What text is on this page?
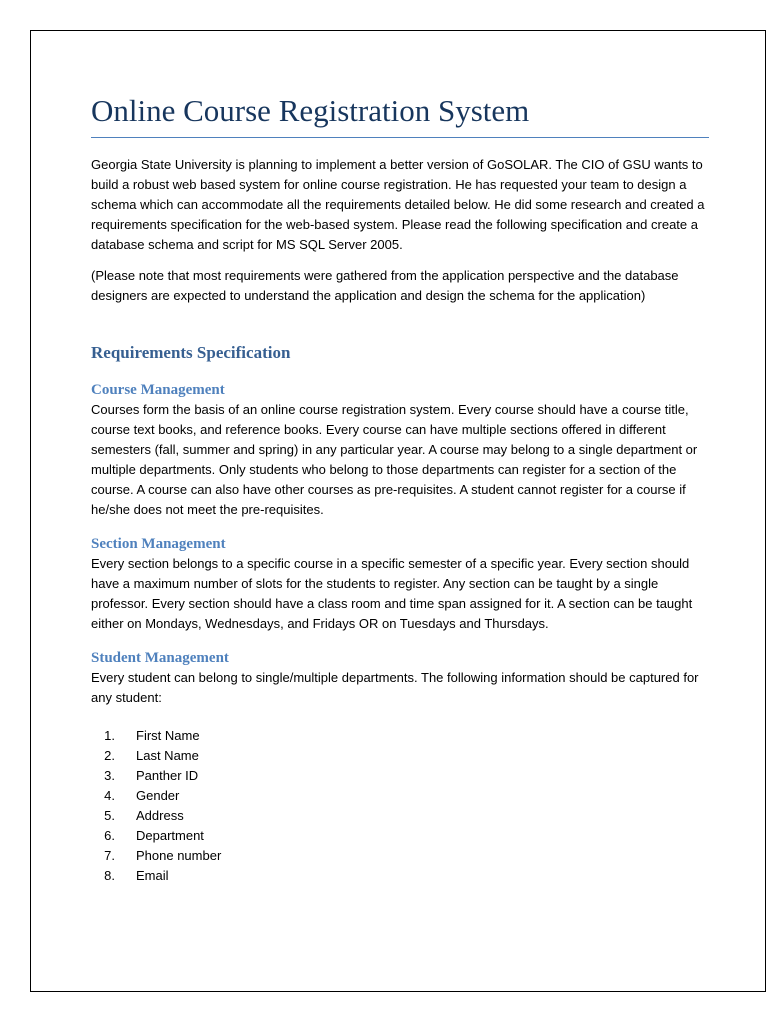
Online Course Registration System

Georgia State University is planning to implement a better version of GoSOLAR. The CIO of GSU wants to build a robust web based system for online course registration. He has requested your team to design a schema which can accommodate all the requirements detailed below. He did some research and created a requirements specification for the web-based system. Please read the following specification and create a database schema and script for MS SQL Server 2005.

(Please note that most requirements were gathered from the application perspective and the database designers are expected to understand the application and design the schema for the application)

Requirements Specification
Course Management

Courses form the basis of an online course registration system. Every course should have a course title, course text books, and reference books. Every course can have multiple sections offered in different semesters (fall, summer and spring) in any particular year. A course may belong to a single department or multiple departments. Only students who belong to those departments can register for a section of the course. A course can also have other courses as pre-requisites. A student cannot register for a course if he/she does not meet the pre-requisites.

Section Management

Every section belongs to a specific course in a specific semester of a specific year. Every section should have a maximum number of slots for the students to register. Any section can be taught by a single professor. Every section should have a class room and time span assigned for it. A section can be taught either on Mondays, Wednesdays, and Fridays OR on Tuesdays and Thursdays.

Student Management

Every student can belong to single/multiple departments. The following information should be captured for any student:

1.	First Name
2.	Last Name
3.	Panther ID
4.	Gender
5.	Address
6.	Department
7.	Phone number
8.	Email
